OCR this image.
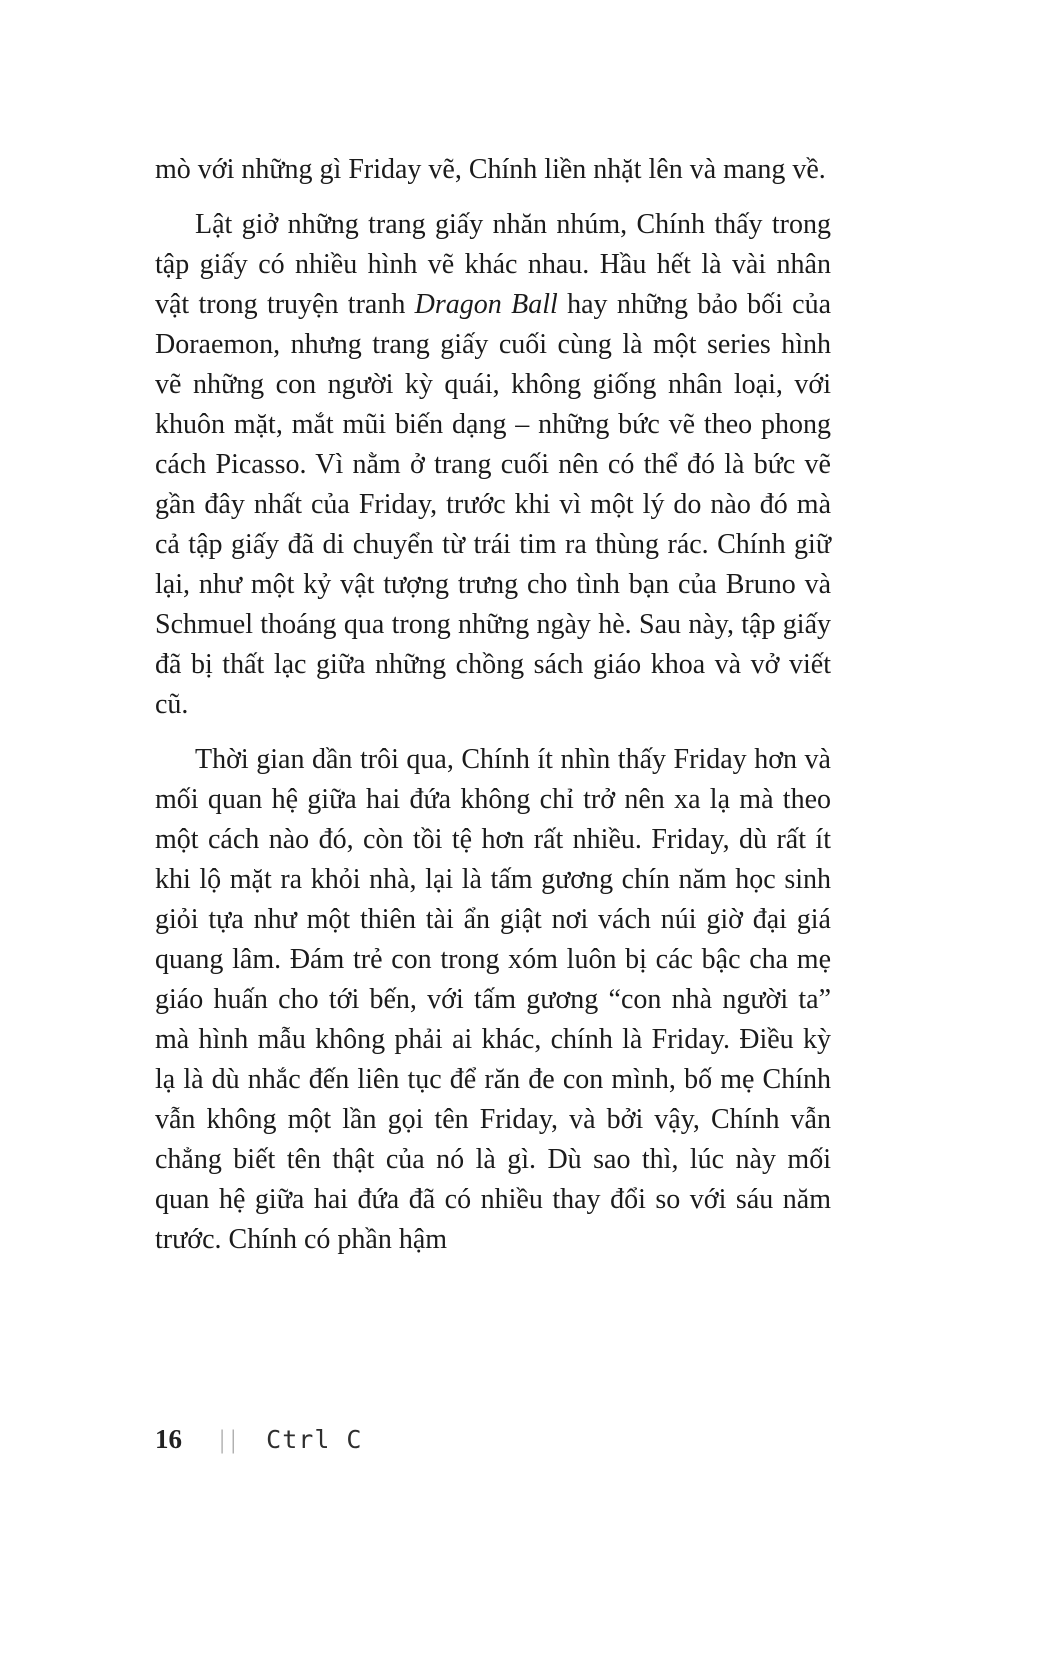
mò với những gì Friday vẽ, Chính liền nhặt lên và mang về.

Lật giở những trang giấy nhăn nhúm, Chính thấy trong tập giấy có nhiều hình vẽ khác nhau. Hầu hết là vài nhân vật trong truyện tranh Dragon Ball hay những bảo bối của Doraemon, nhưng trang giấy cuối cùng là một series hình vẽ những con người kỳ quái, không giống nhân loại, với khuôn mặt, mắt mũi biến dạng – những bức vẽ theo phong cách Picasso. Vì nằm ở trang cuối nên có thể đó là bức vẽ gần đây nhất của Friday, trước khi vì một lý do nào đó mà cả tập giấy đã di chuyển từ trái tim ra thùng rác. Chính giữ lại, như một kỷ vật tượng trưng cho tình bạn của Bruno và Schmuel thoáng qua trong những ngày hè. Sau này, tập giấy đã bị thất lạc giữa những chồng sách giáo khoa và vở viết cũ.

Thời gian dần trôi qua, Chính ít nhìn thấy Friday hơn và mối quan hệ giữa hai đứa không chỉ trở nên xa lạ mà theo một cách nào đó, còn tồi tệ hơn rất nhiều. Friday, dù rất ít khi lộ mặt ra khỏi nhà, lại là tấm gương chín năm học sinh giỏi tựa như một thiên tài ẩn giật nơi vách núi giờ đại giá quang lâm. Đám trẻ con trong xóm luôn bị các bậc cha mẹ giáo huấn cho tới bến, với tấm gương “con nhà người ta” mà hình mẫu không phải ai khác, chính là Friday. Điều kỳ lạ là dù nhắc đến liên tục để răn đe con mình, bố mẹ Chính vẫn không một lần gọi tên Friday, và bởi vậy, Chính vẫn chẳng biết tên thật của nó là gì. Dù sao thì, lúc này mối quan hệ giữa hai đứa đã có nhiều thay đổi so với sáu năm trước. Chính có phần hậm

16 || Ctrl C
